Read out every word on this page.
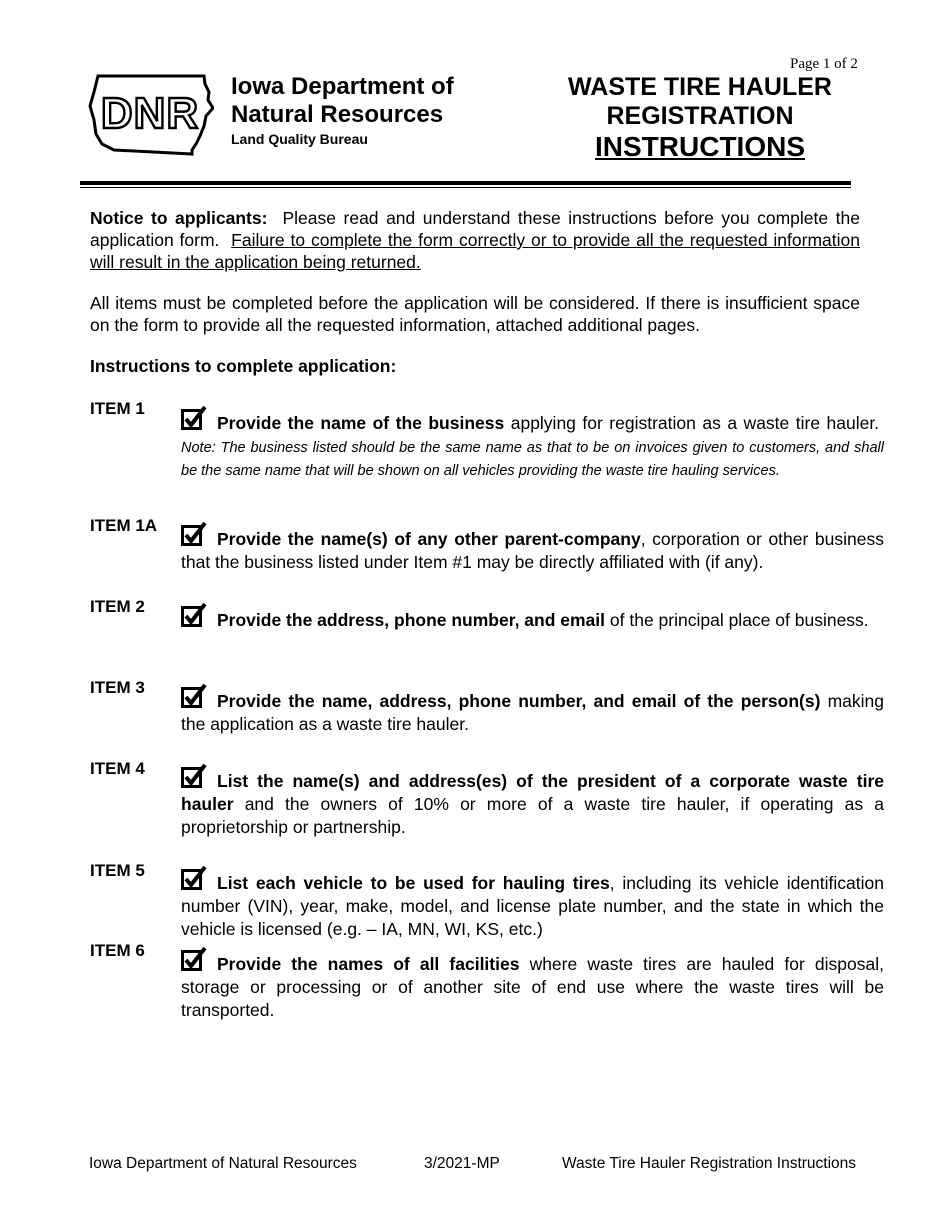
Page 1 of 2
DNR
Iowa Department of
Natural Resources
Land Quality Bureau
WASTE TIRE HAULER
REGISTRATION
INSTRUCTIONS
Notice to applicants: Please read and understand these instructions before you complete the application form. Failure to complete the form correctly or to provide all the requested information will result in the application being returned.
All items must be completed before the application will be considered. If there is insufficient space on the form to provide all the requested information, attached additional pages.
Instructions to complete application:
ITEM 1
Provide the name of the business applying for registration as a waste tire hauler.  Note: The business listed should be the same name as that to be on invoices given to customers, and shall be the same name that will be shown on all vehicles providing the waste tire hauling services.
ITEM 1A
Provide the name(s) of any other parent-company, corporation or other business that the business listed under Item #1 may be directly affiliated with (if any).
ITEM 2
Provide the address, phone number, and email of the principal place of business.
ITEM 3
Provide the name, address, phone number, and email of the person(s) making the application as a waste tire hauler.
ITEM 4
List the name(s) and address(es) of the president of a corporate waste tire hauler and the owners of 10% or more of a waste tire hauler, if operating as a proprietorship or partnership.
ITEM 5
List each vehicle to be used for hauling tires, including its vehicle identification number (VIN), year, make, model, and license plate number, and the state in which the vehicle is licensed (e.g. – IA, MN, WI, KS, etc.)
ITEM 6
Provide the names of all facilities where waste tires are hauled for disposal, storage or processing or of another site of end use where the waste tires will be transported.
Iowa Department of Natural Resources	3/2021-MP	Waste Tire Hauler Registration Instructions
